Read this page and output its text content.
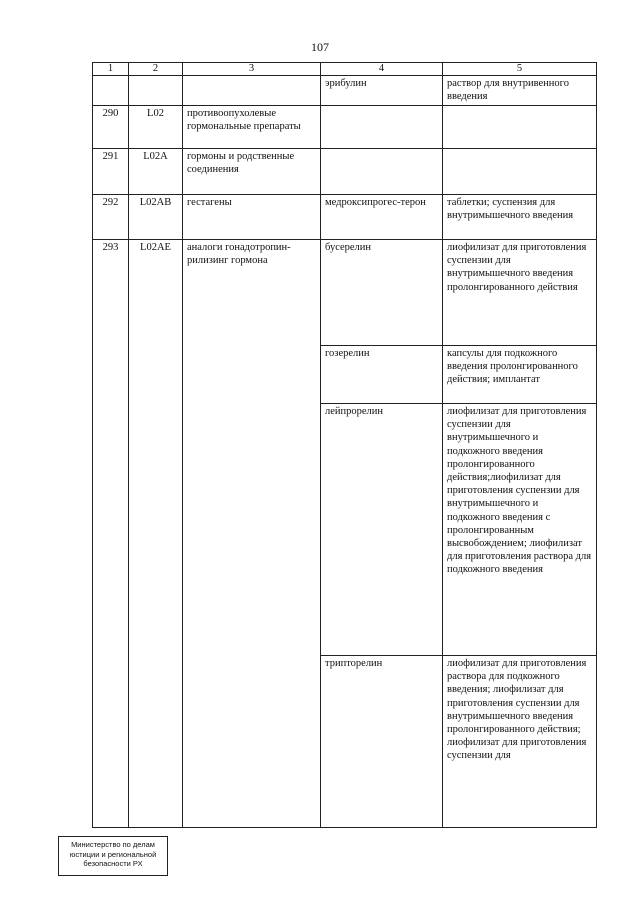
107
1	2	3	4	5
			эрибулин	раствор для внутривенного введения
290	L02	противоопухолевые гормональные препараты		
291	L02A	гормоны и родственные соединения		
292	L02AB	гестагены	медроксипрогес-терон	таблетки; суспензия для внутримышечного введения
293	L02AE	аналоги гонадотропин-рилизинг гормона	бусерелин	лиофилизат для приготовления суспензии для внутримышечного введения пролонгированного действия
			гозерелин	капсулы для подкожного введения пролонгированного действия; имплантат
			лейпрорелин	лиофилизат для приготовления суспензии для внутримышечного и подкожного введения пролонгированного действия;лиофилизат для приготовления суспензии для внутримышечного и подкожного введения с пролонгированным высвобождением; лиофилизат для приготовления раствора для подкожного введения
			трипторелин	лиофилизат для приготовления раствора для подкожного введения; лиофилизат для приготовления суспензии для внутримышечного введения пролонгированного действия; лиофилизат для приготовления суспензии для
Министерство по делам
юстиции и региональной
безопасности РХ
